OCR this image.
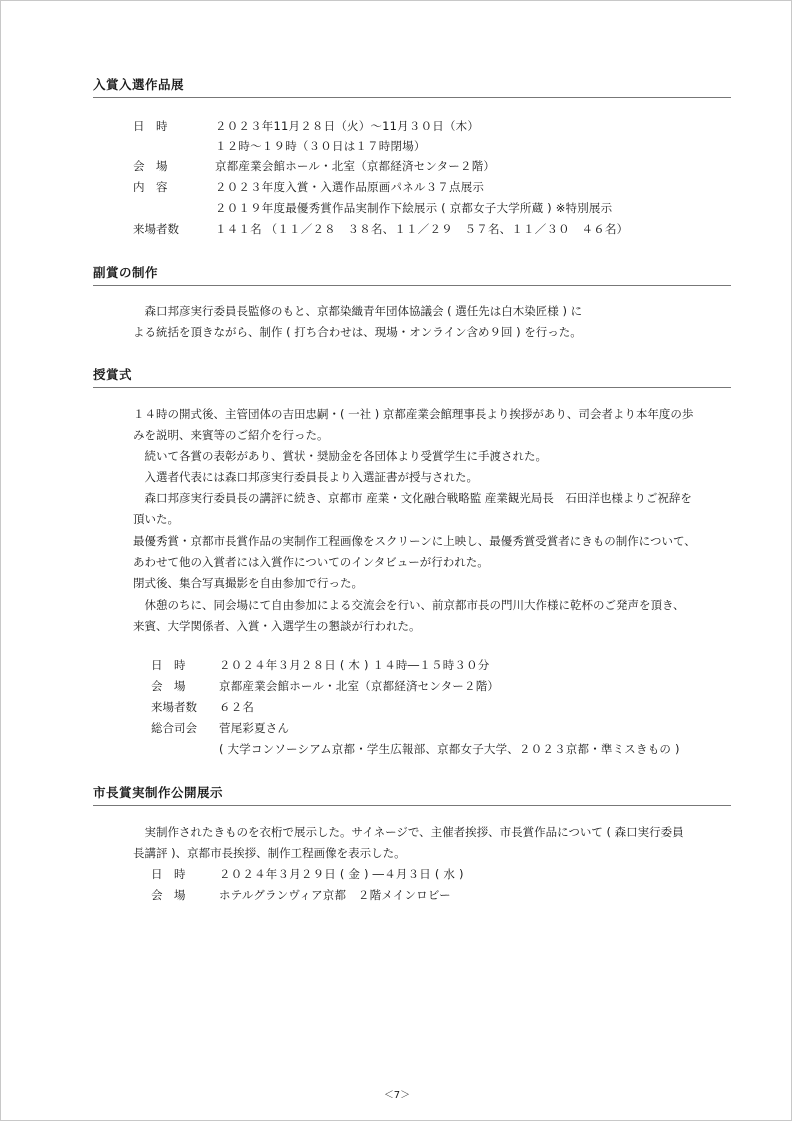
入賞入選作品展
日　時	２０２３年11月２８日（火）～11月３０日（木）
１２時～１９時（３０日は１７時閉場）
会　場	京都産業会館ホール・北室（京都経済センター２階）
内　容	２０２３年度入賞・入選作品原画パネル３７点展示
２０１９年度最優秀賞作品実制作下絵展示 ( 京都女子大学所蔵 ) ※特別展示
来場者数	１４１名 （１１／２８　３８名、１１／２９　５７名、１１／３０　４６名）
副賞の制作
　森口邦彦実行委員長監修のもと、京都染織青年団体協議会 ( 選任先は白木染匠様 ) に
よる統括を頂きながら、制作 ( 打ち合わせは、現場・オンライン含め９回 ) を行った。
授賞式
１４時の開式後、主管団体の吉田忠嗣・( 一社 ) 京都産業会館理事長より挨拶があり、司会者より本年度の歩
みを説明、来賓等のご紹介を行った。
　続いて各賞の表彰があり、賞状・奨励金を各団体より受賞学生に手渡された。
　入選者代表には森口邦彦実行委員長より入選証書が授与された。
　森口邦彦実行委員長の講評に続き、京都市 産業・文化融合戦略監 産業観光局長　石田洋也様よりご祝辞を
頂いた。
最優秀賞・京都市長賞作品の実制作工程画像をスクリーンに上映し、最優秀賞受賞者にきもの制作について、
あわせて他の入賞者には入賞作についてのインタビューが行われた。
閉式後、集合写真撮影を自由参加で行った。
　休憩のちに、同会場にて自由参加による交流会を行い、前京都市長の門川大作様に乾杯のご発声を頂き、
来賓、大学関係者、入賞・入選学生の懇談が行われた。
日　時	２０２４年３月２８日 ( 木 ) １４時―１５時３０分
会　場	京都産業会館ホール・北室（京都経済センター２階）
来場者数 ６２名
総合司会 菅尾彩夏さん
( 大学コンソーシアム京都・学生広報部、京都女子大学、２０２３京都・準ミスきもの )
市長賞実制作公開展示
　実制作されたきものを衣桁で展示した。サイネージで、主催者挨拶、市長賞作品について ( 森口実行委員
長講評 )、京都市長挨拶、制作工程画像を表示した。
日　時	２０２４年３月２９日 ( 金 ) ―４月３日 ( 水 )
会　場	ホテルグランヴィア京都　２階メインロビー
＜7＞
